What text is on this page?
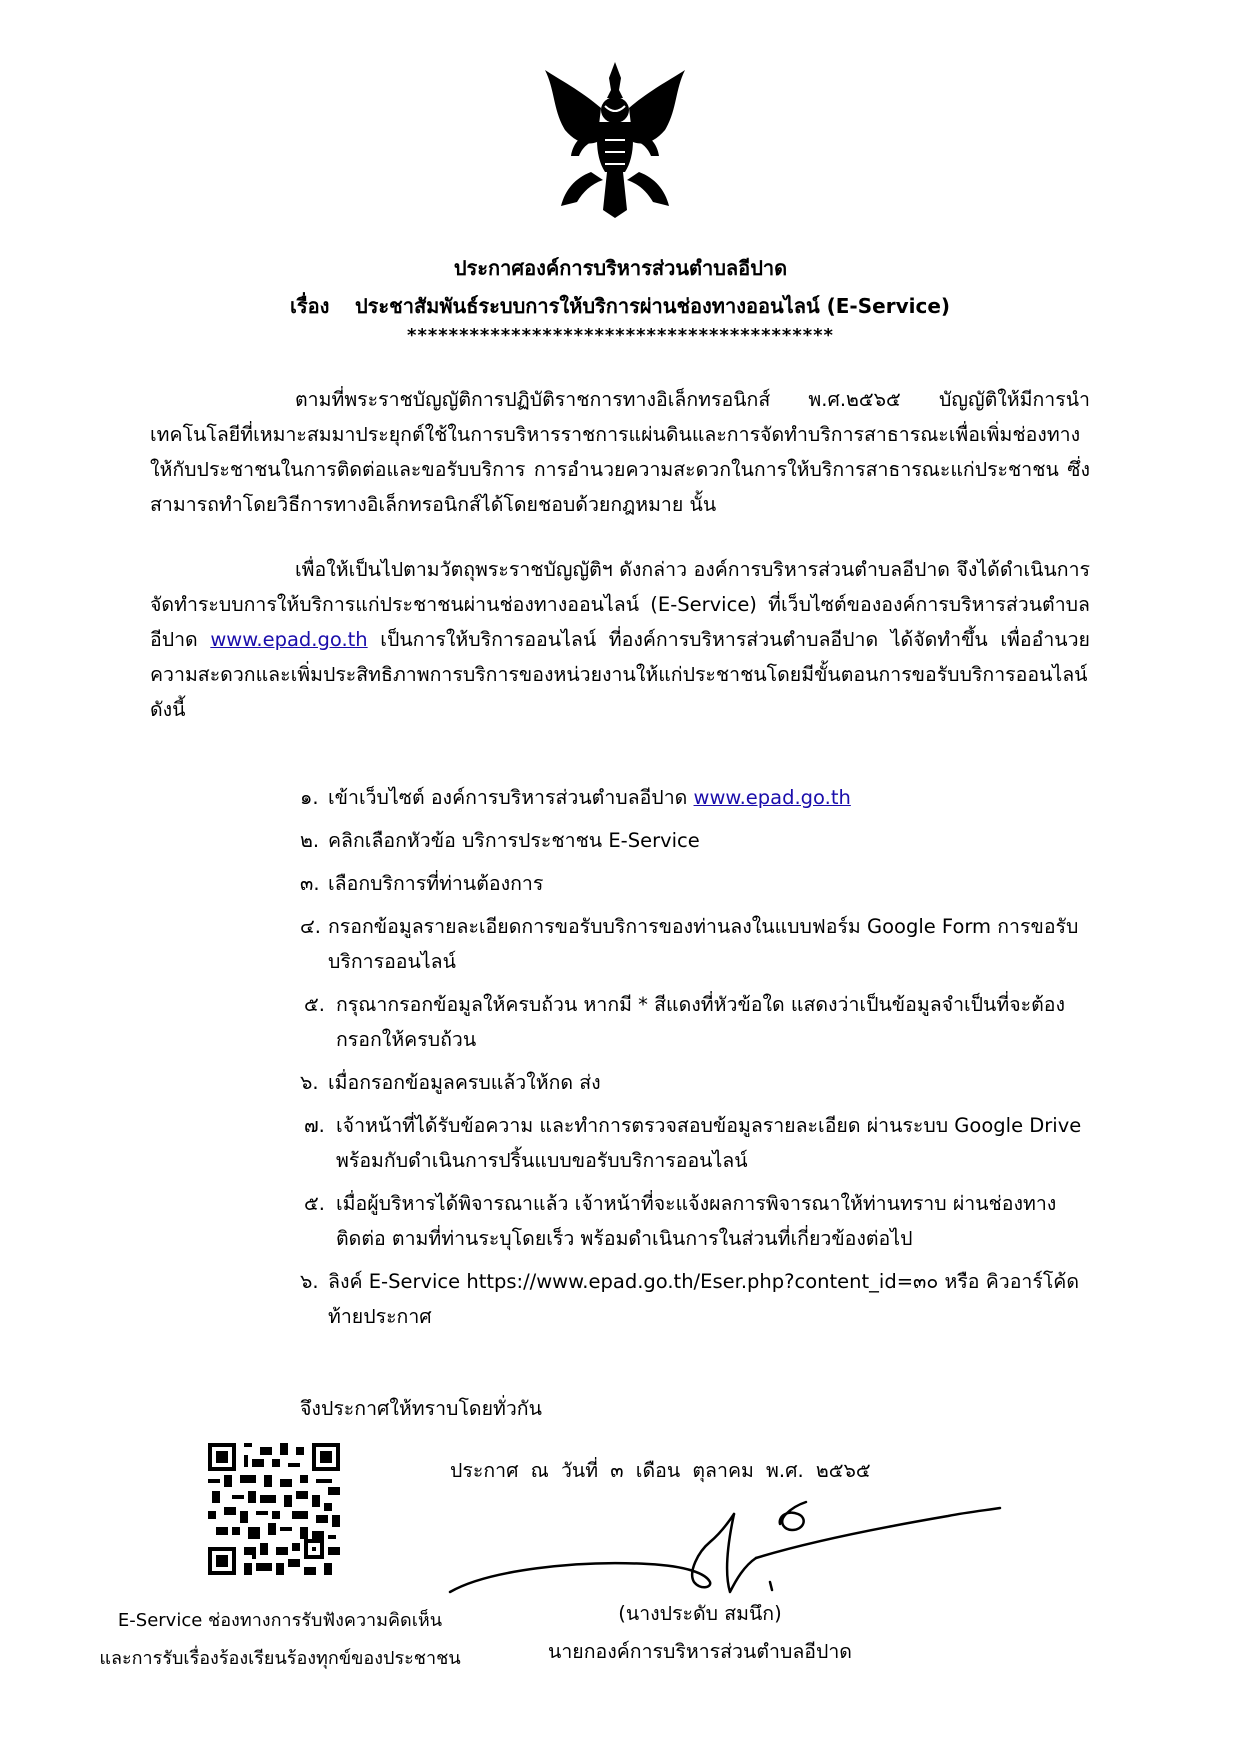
ประกาศองค์การบริหารส่วนตำบลอีปาด
เรื่อง ประชาสัมพันธ์ระบบการให้บริการผ่านช่องทางออนไลน์ (E-Service)
*****************************************
ตามที่พระราชบัญญัติการปฏิบัติราชการทางอิเล็กทรอนิกส์ พ.ศ.๒๕๖๕ บัญญัติให้มีการนำเทคโนโลยีที่เหมาะสมมาประยุกต์ใช้ในการบริหารราชการแผ่นดินและการจัดทำบริการสาธารณะเพื่อเพิ่มช่องทางให้กับประชาชนในการติดต่อและขอรับบริการ การอำนวยความสะดวกในการให้บริการสาธารณะแก่ประชาชน ซึ่งสามารถทำโดยวิธีการทางอิเล็กทรอนิกส์ได้โดยชอบด้วยกฎหมาย นั้น
เพื่อให้เป็นไปตามวัตถุพระราชบัญญัติฯ ดังกล่าว องค์การบริหารส่วนตำบลอีปาด จึงได้ดำเนินการจัดทำระบบการให้บริการแก่ประชาชนผ่านช่องทางออนไลน์ (E-Service) ที่เว็บไซต์ขององค์การบริหารส่วนตำบลอีปาด www.epad.go.th เป็นการให้บริการออนไลน์ ที่องค์การบริหารส่วนตำบลอีปาด ได้จัดทำขึ้น เพื่ออำนวยความสะดวกและเพิ่มประสิทธิภาพการบริการของหน่วยงานให้แก่ประชาชนโดยมีขั้นตอนการขอรับบริการออนไลน์ ดังนี้
๑. เข้าเว็บไซต์ องค์การบริหารส่วนตำบลอีปาด www.epad.go.th
๒. คลิกเลือกหัวข้อ บริการประชาชน E-Service
๓. เลือกบริการที่ท่านต้องการ
๔. กรอกข้อมูลรายละเอียดการขอรับบริการของท่านลงในแบบฟอร์ม Google Form การขอรับบริการออนไลน์
๕. กรุณากรอกข้อมูลให้ครบถ้วน หากมี * สีแดงที่หัวข้อใด แสดงว่าเป็นข้อมูลจำเป็นที่จะต้องกรอกให้ครบถ้วน
๖. เมื่อกรอกข้อมูลครบแล้วให้กด ส่ง
๗. เจ้าหน้าที่ได้รับข้อความ และทำการตรวจสอบข้อมูลรายละเอียด ผ่านระบบ Google Drive พร้อมกับดำเนินการปริ้นแบบขอรับบริการออนไลน์
๕. เมื่อผู้บริหารได้พิจารณาแล้ว เจ้าหน้าที่จะแจ้งผลการพิจารณาให้ท่านทราบ ผ่านช่องทางติดต่อ ตามที่ท่านระบุโดยเร็ว พร้อมดำเนินการในส่วนที่เกี่ยวข้องต่อไป
๖. ลิงค์ E-Service https://www.epad.go.th/Eser.php?content_id=๓๐ หรือ คิวอาร์โค้ดท้ายประกาศ
จึงประกาศให้ทราบโดยทั่วกัน
E-Service ช่องทางการรับฟังความคิดเห็น
และการรับเรื่องร้องเรียนร้องทุกข์ของประชาชน
ประกาศ ณ วันที่ ๓ เดือน ตุลาคม พ.ศ. ๒๕๖๕
(นางประดับ สมนึก)
นายกองค์การบริหารส่วนตำบลอีปาด
